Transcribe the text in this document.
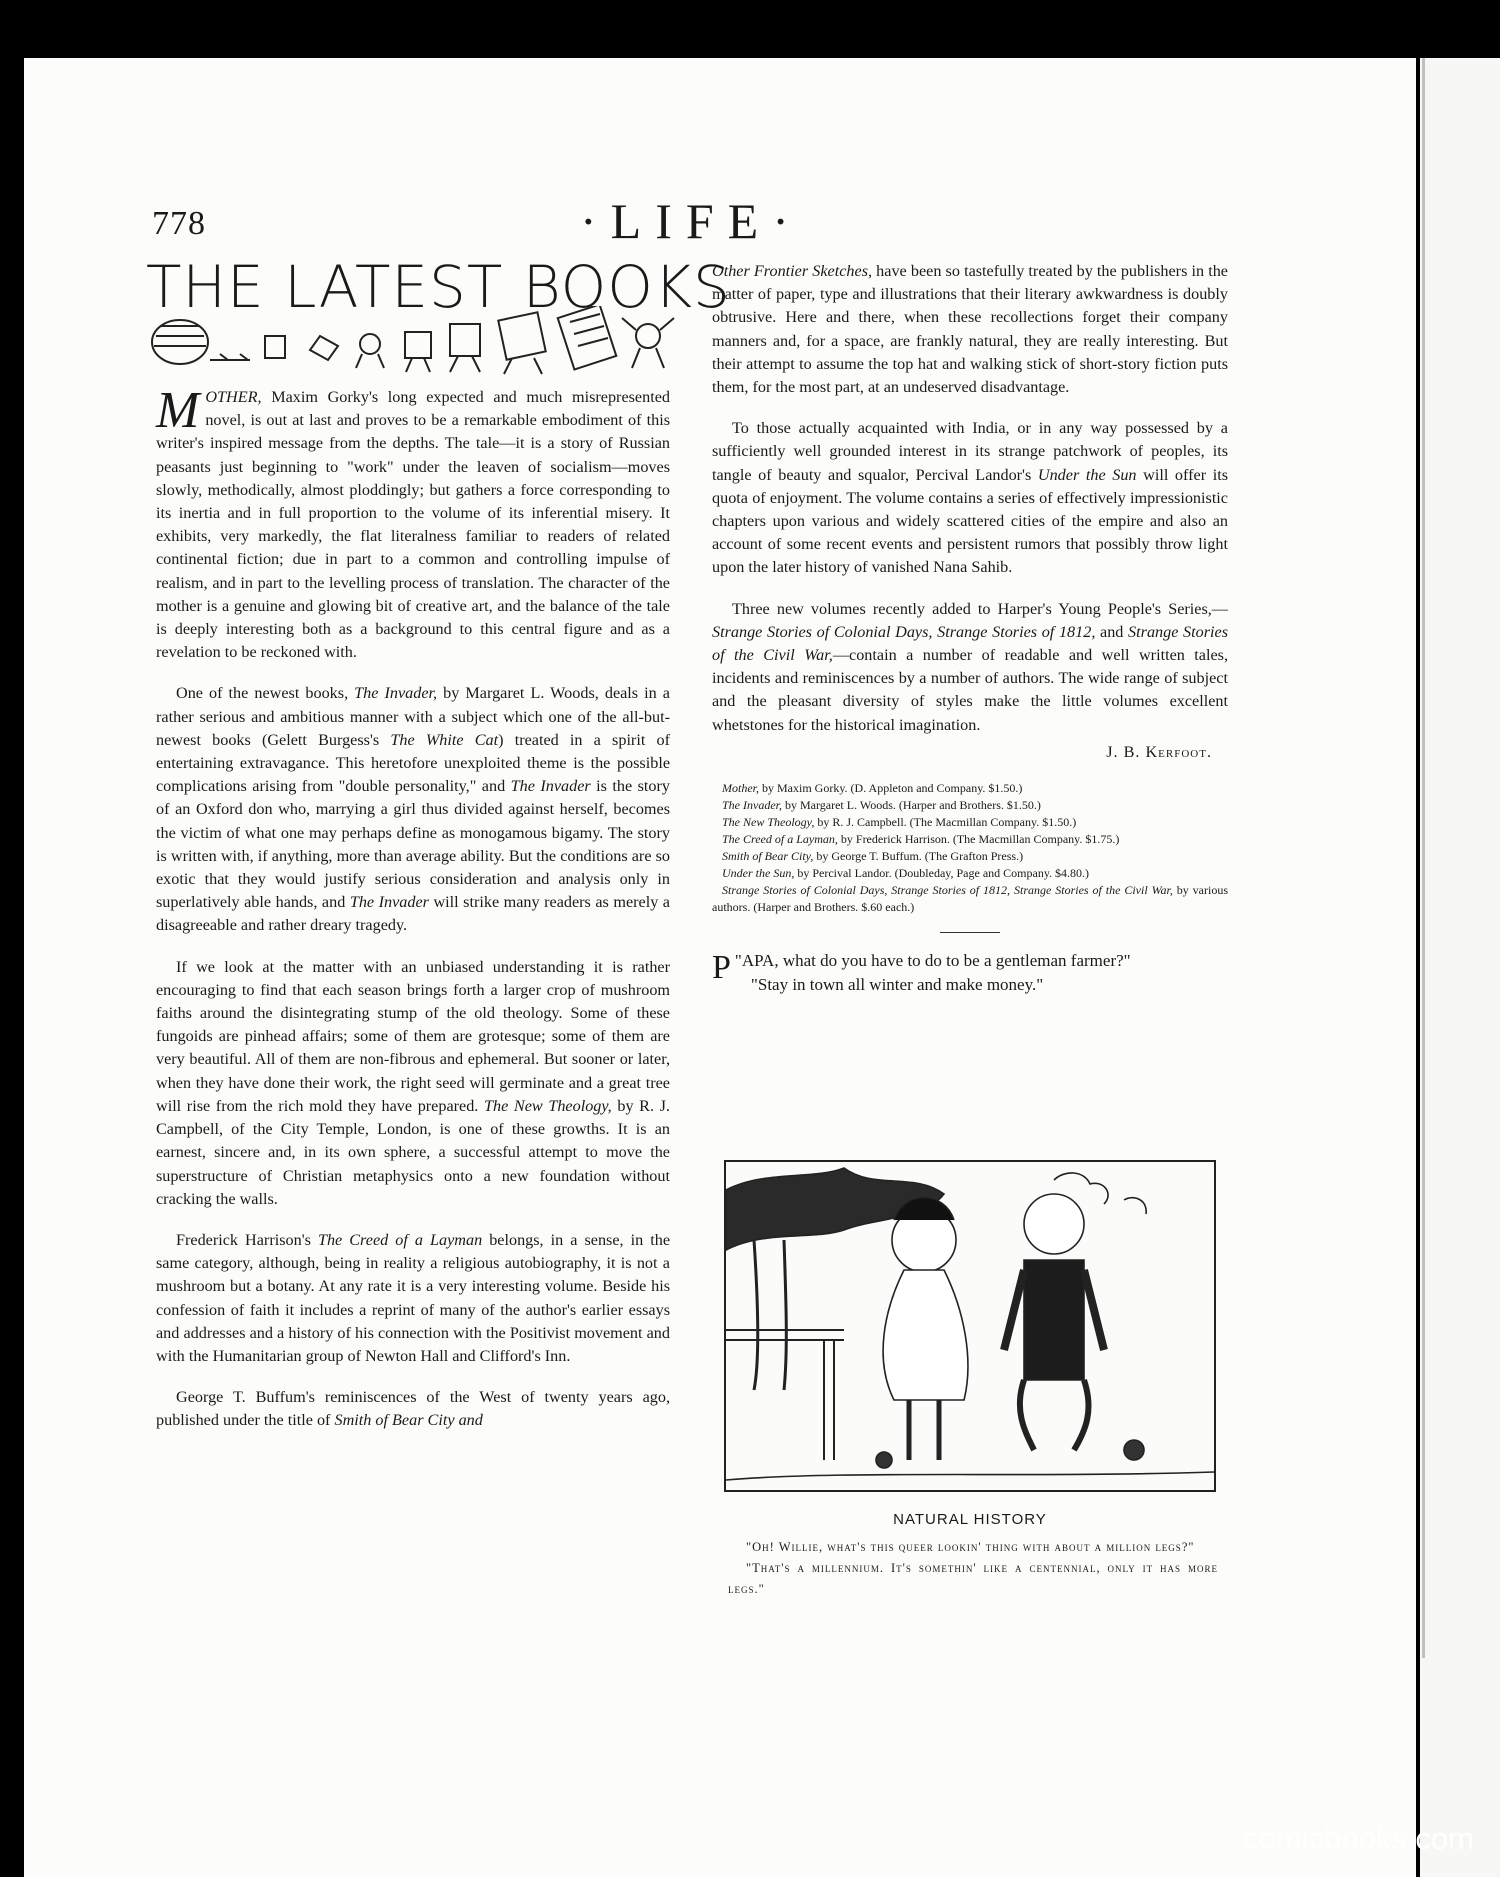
778	·LIFE·
THE LATEST BOOKS

MOTHER, Maxim Gorky's long expected and much misrepresented novel, is out at last and proves to be a remarkable embodiment of this writer's inspired message from the depths. The tale—it is a story of Russian peasants just beginning to "work" under the leaven of socialism—moves slowly, methodically, almost ploddingly; but gathers a force corresponding to its inertia and in full proportion to the volume of its inferential misery. It exhibits, very markedly, the flat literalness familiar to readers of related continental fiction; due in part to a common and controlling impulse of realism, and in part to the levelling process of translation. The character of the mother is a genuine and glowing bit of creative art, and the balance of the tale is deeply interesting both as a background to this central figure and as a revelation to be reckoned with.

One of the newest books, The Invader, by Margaret L. Woods, deals in a rather serious and ambitious manner with a subject which one of the all-but-newest books (Gelett Burgess's The White Cat) treated in a spirit of entertaining extravagance. This heretofore unexploited theme is the possible complications arising from "double personality," and The Invader is the story of an Oxford don who, marrying a girl thus divided against herself, becomes the victim of what one may perhaps define as monogamous bigamy. The story is written with, if anything, more than average ability. But the conditions are so exotic that they would justify serious consideration and analysis only in superlatively able hands, and The Invader will strike many readers as merely a disagreeable and rather dreary tragedy.

If we look at the matter with an unbiased understanding it is rather encouraging to find that each season brings forth a larger crop of mushroom faiths around the disintegrating stump of the old theology. Some of these fungoids are pinhead affairs; some of them are grotesque; some of them are very beautiful. All of them are non-fibrous and ephemeral. But sooner or later, when they have done their work, the right seed will germinate and a great tree will rise from the rich mold they have prepared. The New Theology, by R. J. Campbell, of the City Temple, London, is one of these growths. It is an earnest, sincere and, in its own sphere, a successful attempt to move the superstructure of Christian metaphysics onto a new foundation without cracking the walls.

Frederick Harrison's The Creed of a Layman belongs, in a sense, in the same category, although, being in reality a religious autobiography, it is not a mushroom but a botany. At any rate it is a very interesting volume. Beside his confession of faith it includes a reprint of many of the author's earlier essays and addresses and a history of his connection with the Positivist movement and with the Humanitarian group of Newton Hall and Clifford's Inn.

George T. Buffum's reminiscences of the West of twenty years ago, published under the title of Smith of Bear City and

Other Frontier Sketches, have been so tastefully treated by the publishers in the matter of paper, type and illustrations that their literary awkwardness is doubly obtrusive. Here and there, when these recollections forget their company manners and, for a space, are frankly natural, they are really interesting. But their attempt to assume the top hat and walking stick of short-story fiction puts them, for the most part, at an undeserved disadvantage.

To those actually acquainted with India, or in any way possessed by a sufficiently well grounded interest in its strange patchwork of peoples, its tangle of beauty and squalor, Percival Landor's Under the Sun will offer its quota of enjoyment. The volume contains a series of effectively impressionistic chapters upon various and widely scattered cities of the empire and also an account of some recent events and persistent rumors that possibly throw light upon the later history of vanished Nana Sahib.

Three new volumes recently added to Harper's Young People's Series,—Strange Stories of Colonial Days, Strange Stories of 1812, and Strange Stories of the Civil War,—contain a number of readable and well written tales, incidents and reminiscences by a number of authors. The wide range of subject and the pleasant diversity of styles make the little volumes excellent whetstones for the historical imagination.

J. B. Kerfoot.
Mother, by Maxim Gorky. (D. Appleton and Company. $1.50.)
The Invader, by Margaret L. Woods. (Harper and Brothers. $1.50.)
The New Theology, by R. J. Campbell. (The Macmillan Company. $1.50.)
The Creed of a Layman, by Frederick Harrison. (The Macmillan Company. $1.75.)
Smith of Bear City, by George T. Buffum. (The Grafton Press.)
Under the Sun, by Percival Landor. (Doubleday, Page and Company. $4.80.)
Strange Stories of Colonial Days, Strange Stories of 1812, Strange Stories of the Civil War, by various authors. (Harper and Brothers. $.60 each.)
"
P APA, what do you have to do to be a gentleman farmer?"
"Stay in town all winter and make money."
NATURAL HISTORY
"Oh! Willie, what's this queer lookin' thing with about a million legs?"
"That's a millennium. It's somethin' like a centennial, only it has more legs."
comicbooks.com
